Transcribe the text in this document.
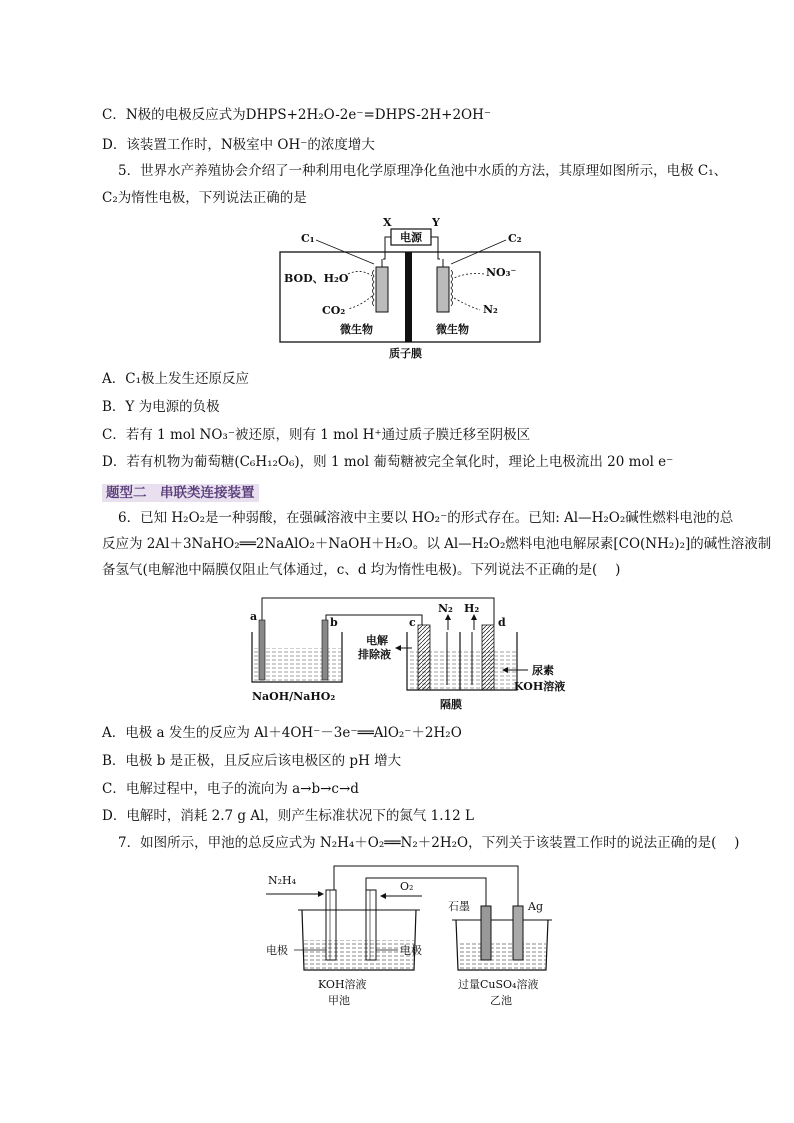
C．N极的电极反应式为DHPS+2H₂O-2e⁻=DHPS-2H+2OH⁻
D．该装置工作时，N极室中 OH⁻的浓度增大
5．世界水产养殖协会介绍了一种利用电化学原理净化鱼池中水质的方法，其原理如图所示，电极 C₁、
C₂为惰性电极，下列说法正确的是
电源
X	Y
C₁	C₂
BOD、H₂O
CO₂
NO₃⁻
N₂
微生物	微生物
质子膜
A．C₁极上发生还原反应
B．Y 为电源的负极
C．若有 1 mol NO₃⁻被还原，则有 1 mol H⁺通过质子膜迁移至阴极区
D．若有机物为葡萄糖(C₆H₁₂O₆)，则 1 mol 葡萄糖被完全氧化时，理论上电极流出 20 mol e⁻
题型二　串联类连接装置
6．已知 H₂O₂是一种弱酸，在强碱溶液中主要以 HO₂⁻的形式存在。已知: Al—H₂O₂碱性燃料电池的总
反应为 2Al＋3NaHO₂══2NaAlO₂＋NaOH＋H₂O。以 Al—H₂O₂燃料电池电解尿素[CO(NH₂)₂]的碱性溶液制
备氢气(电解池中隔膜仅阻止气体通过，c、d 均为惰性电极)。下列说法不正确的是(　 )
a	b
NaOH/NaHO₂
c	d
N₂ H₂
电解
排除液
尿素
KOH溶液
隔膜
A．电极 a 发生的反应为 Al＋4OH⁻－3e⁻══AlO₂⁻＋2H₂O
B．电极 b 是正极，且反应后该电极区的 pH 增大
C．电解过程中，电子的流向为 a→b→c→d
D．电解时，消耗 2.7 g Al，则产生标准状况下的氮气 1.12 L
7．如图所示，甲池的总反应式为 N₂H₄＋O₂══N₂＋2H₂O，下列关于该装置工作时的说法正确的是(　 )
N₂H₄	O₂
电极	电极
KOH溶液
甲池
石墨	Ag
过量CuSO₄溶液
乙池
